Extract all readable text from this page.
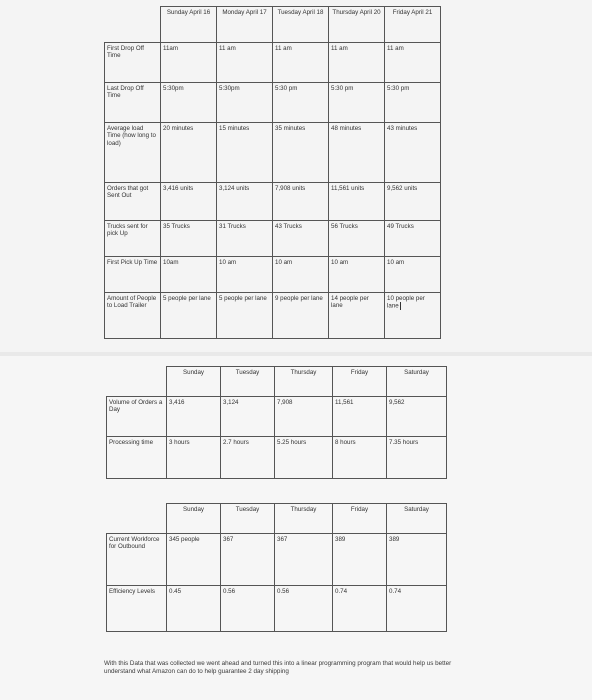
	Sunday April 16	Monday April 17	Tuesday April 18	Thursday April 20	Friday April 21
First Drop Off Time	11am	11 am	11 am	11 am	11 am
Last Drop Off Time	5:30pm	5:30pm	5:30 pm	5:30 pm	5:30 pm
Average load Time (how long to load)	20 minutes	15 minutes	35 minutes	48 minutes	43 minutes
Orders that got Sent Out	3,416 units	3,124 units	7,908 units	11,561 units	9,562 units
Trucks sent for pick Up	35 Trucks	31 Trucks	43 Trucks	56 Trucks	49 Trucks
First Pick Up Time	10am	10 am	10 am	10 am	10 am
Amount of People to Load Trailer	5 people per lane	5 people per lane	9 people per lane	14 people per lane	10 people per lane
	Sunday	Tuesday	Thursday	Friday	Saturday
Volume of Orders a Day	3,416	3,124	7,908	11,561	9,562
Processing time	3 hours	2.7 hours	5.25 hours	8 hours	7.35 hours
	Sunday	Tuesday	Thursday	Friday	Saturday
Current Workforce for Outbound	345 people	367	367	389	389
Efficiency Levels	0.45	0.56	0.56	0.74	0.74
With this Data that was collected we went ahead and turned this into a linear programming program that would help us better understand what Amazon can do to help guarantee 2 day shipping
